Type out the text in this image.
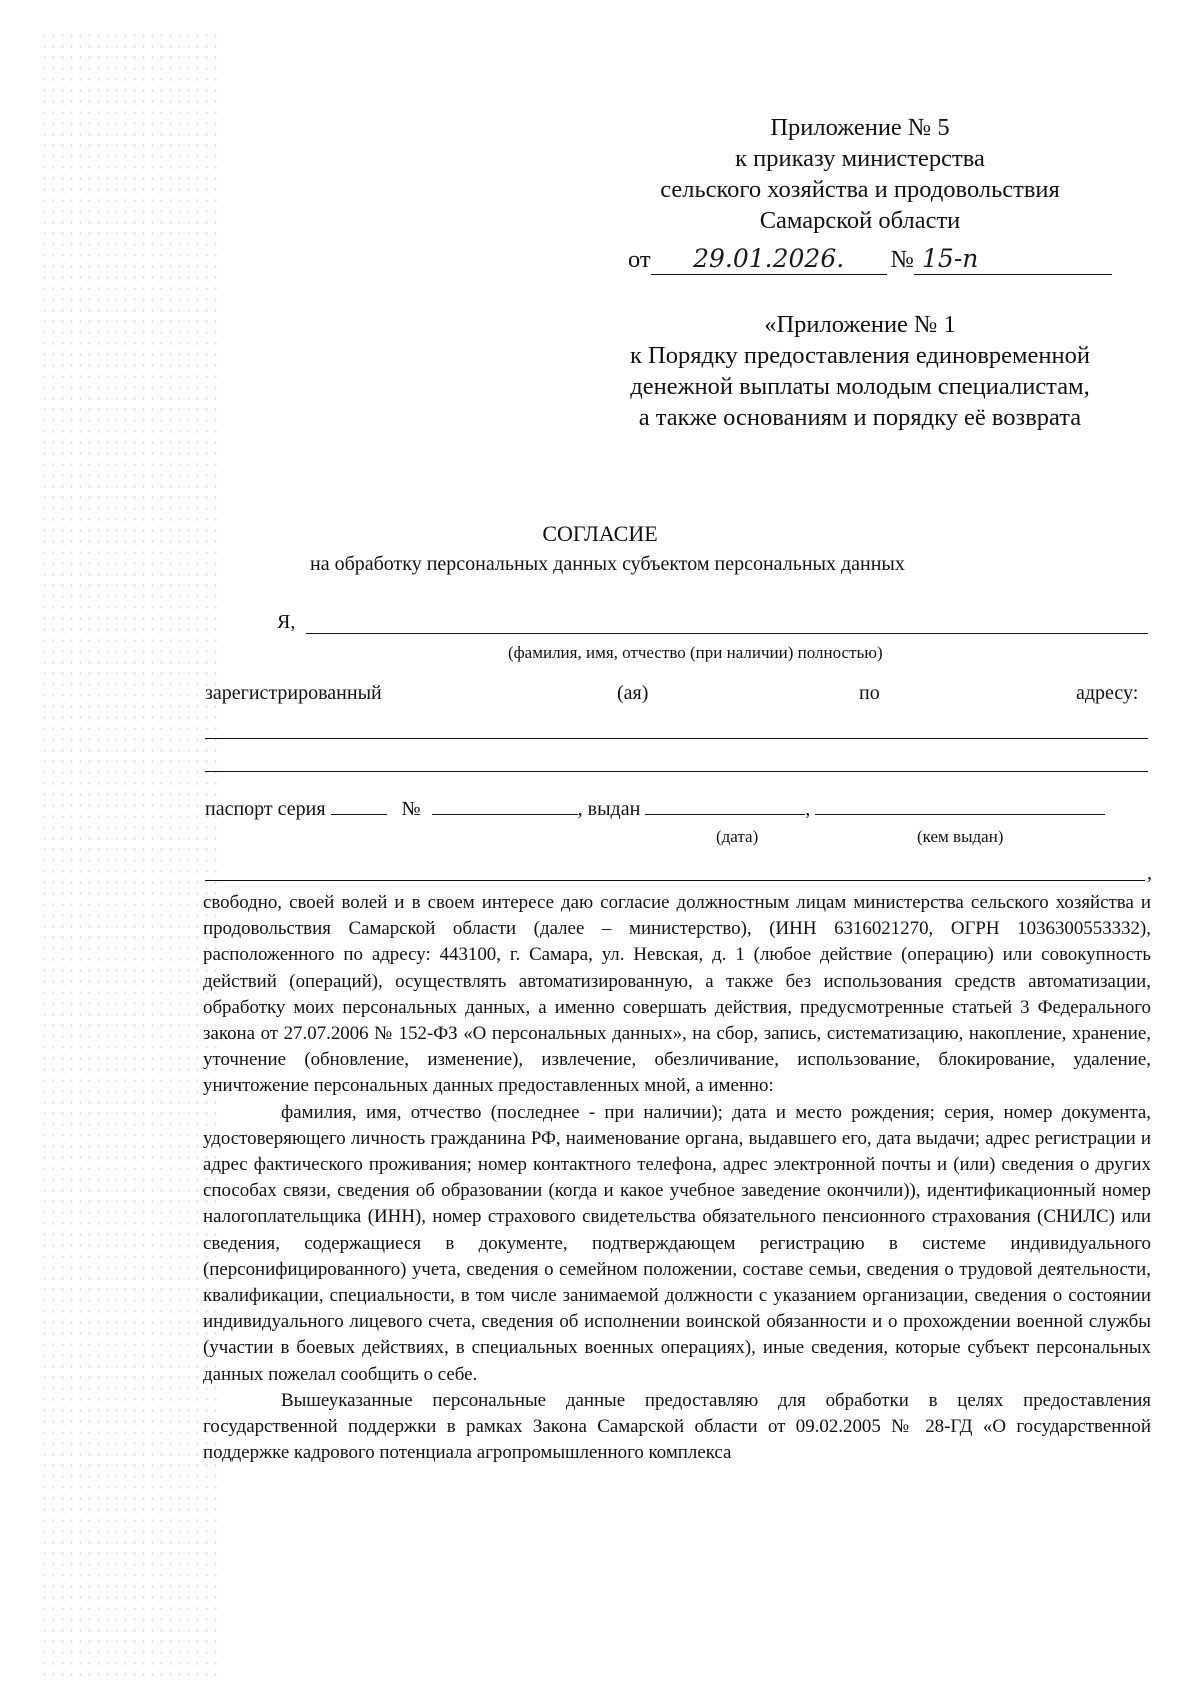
Приложение № 5
к приказу министерства
сельского хозяйства и продовольствия
Самарской области
от 29.01.2026. № 15-п
«Приложение № 1
к Порядку предоставления единовременной
денежной выплаты молодым специалистам,
а также основаниям и порядку её возврата
СОГЛАСИЕ
на обработку персональных данных субъектом персональных данных
Я,
(фамилия, имя, отчество (при наличии) полностью)
зарегистрированный	(ая)	по	адресу:
паспорт серия	№	, выдан	,
(дата)	(кем выдан)
,

свободно, своей волей и в своем интересе даю согласие должностным лицам министерства сельского хозяйства и продовольствия Самарской области (далее – министерство), (ИНН 6316021270, ОГРН 1036300553332), расположенного по адресу: 443100, г. Самара, ул. Невская, д. 1 (любое действие (операцию) или совокупность действий (операций), осуществлять автоматизированную, а также без использования средств автоматизации, обработку моих персональных данных, а именно совершать действия, предусмотренные статьей 3 Федерального закона от 27.07.2006 № 152-ФЗ «О персональных данных», на сбор, запись, систематизацию, накопление, хранение, уточнение (обновление, изменение), извлечение, обезличивание, использование, блокирование, удаление, уничтожение персональных данных предоставленных мной, а именно:

фамилия, имя, отчество (последнее - при наличии); дата и место рождения; серия, номер документа, удостоверяющего личность гражданина РФ, наименование органа, выдавшего его, дата выдачи; адрес регистрации и адрес фактического проживания; номер контактного телефона, адрес электронной почты и (или) сведения о других способах связи, сведения об образовании (когда и какое учебное заведение окончили)), идентификационный номер налогоплательщика (ИНН), номер страхового свидетельства обязательного пенсионного страхования (СНИЛС) или сведения, содержащиеся в документе, подтверждающем регистрацию в системе индивидуального (персонифицированного) учета, сведения о семейном положении, составе семьи, сведения о трудовой деятельности, квалификации, специальности, в том числе занимаемой должности с указанием организации, сведения о состоянии индивидуального лицевого счета, сведения об исполнении воинской обязанности и о прохождении военной службы (участии в боевых действиях, в специальных военных операциях), иные сведения, которые субъект персональных данных пожелал сообщить о себе.

Вышеуказанные персональные данные предоставляю для обработки в целях предоставления государственной поддержки в рамках Закона Самарской области от 09.02.2005 № 28-ГД «О государственной поддержке кадрового потенциала агропромышленного комплекса
